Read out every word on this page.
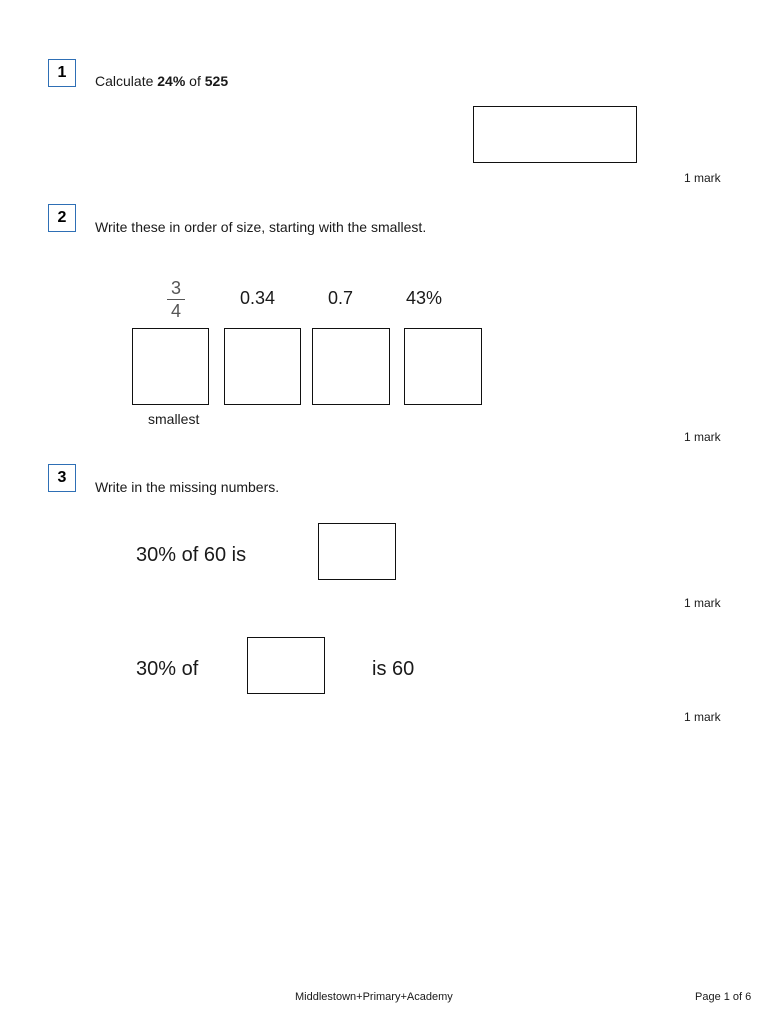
1	Calculate 24% of 525
1 mark
2
Write these in order of size, starting with the smallest.
3
4
0.34	0.7	43%
smallest
1 mark
3
Write in the missing numbers.
30% of 60 is
1 mark
30% of	is 60
1 mark
Middlestown+Primary+Academy	Page 1 of 6
